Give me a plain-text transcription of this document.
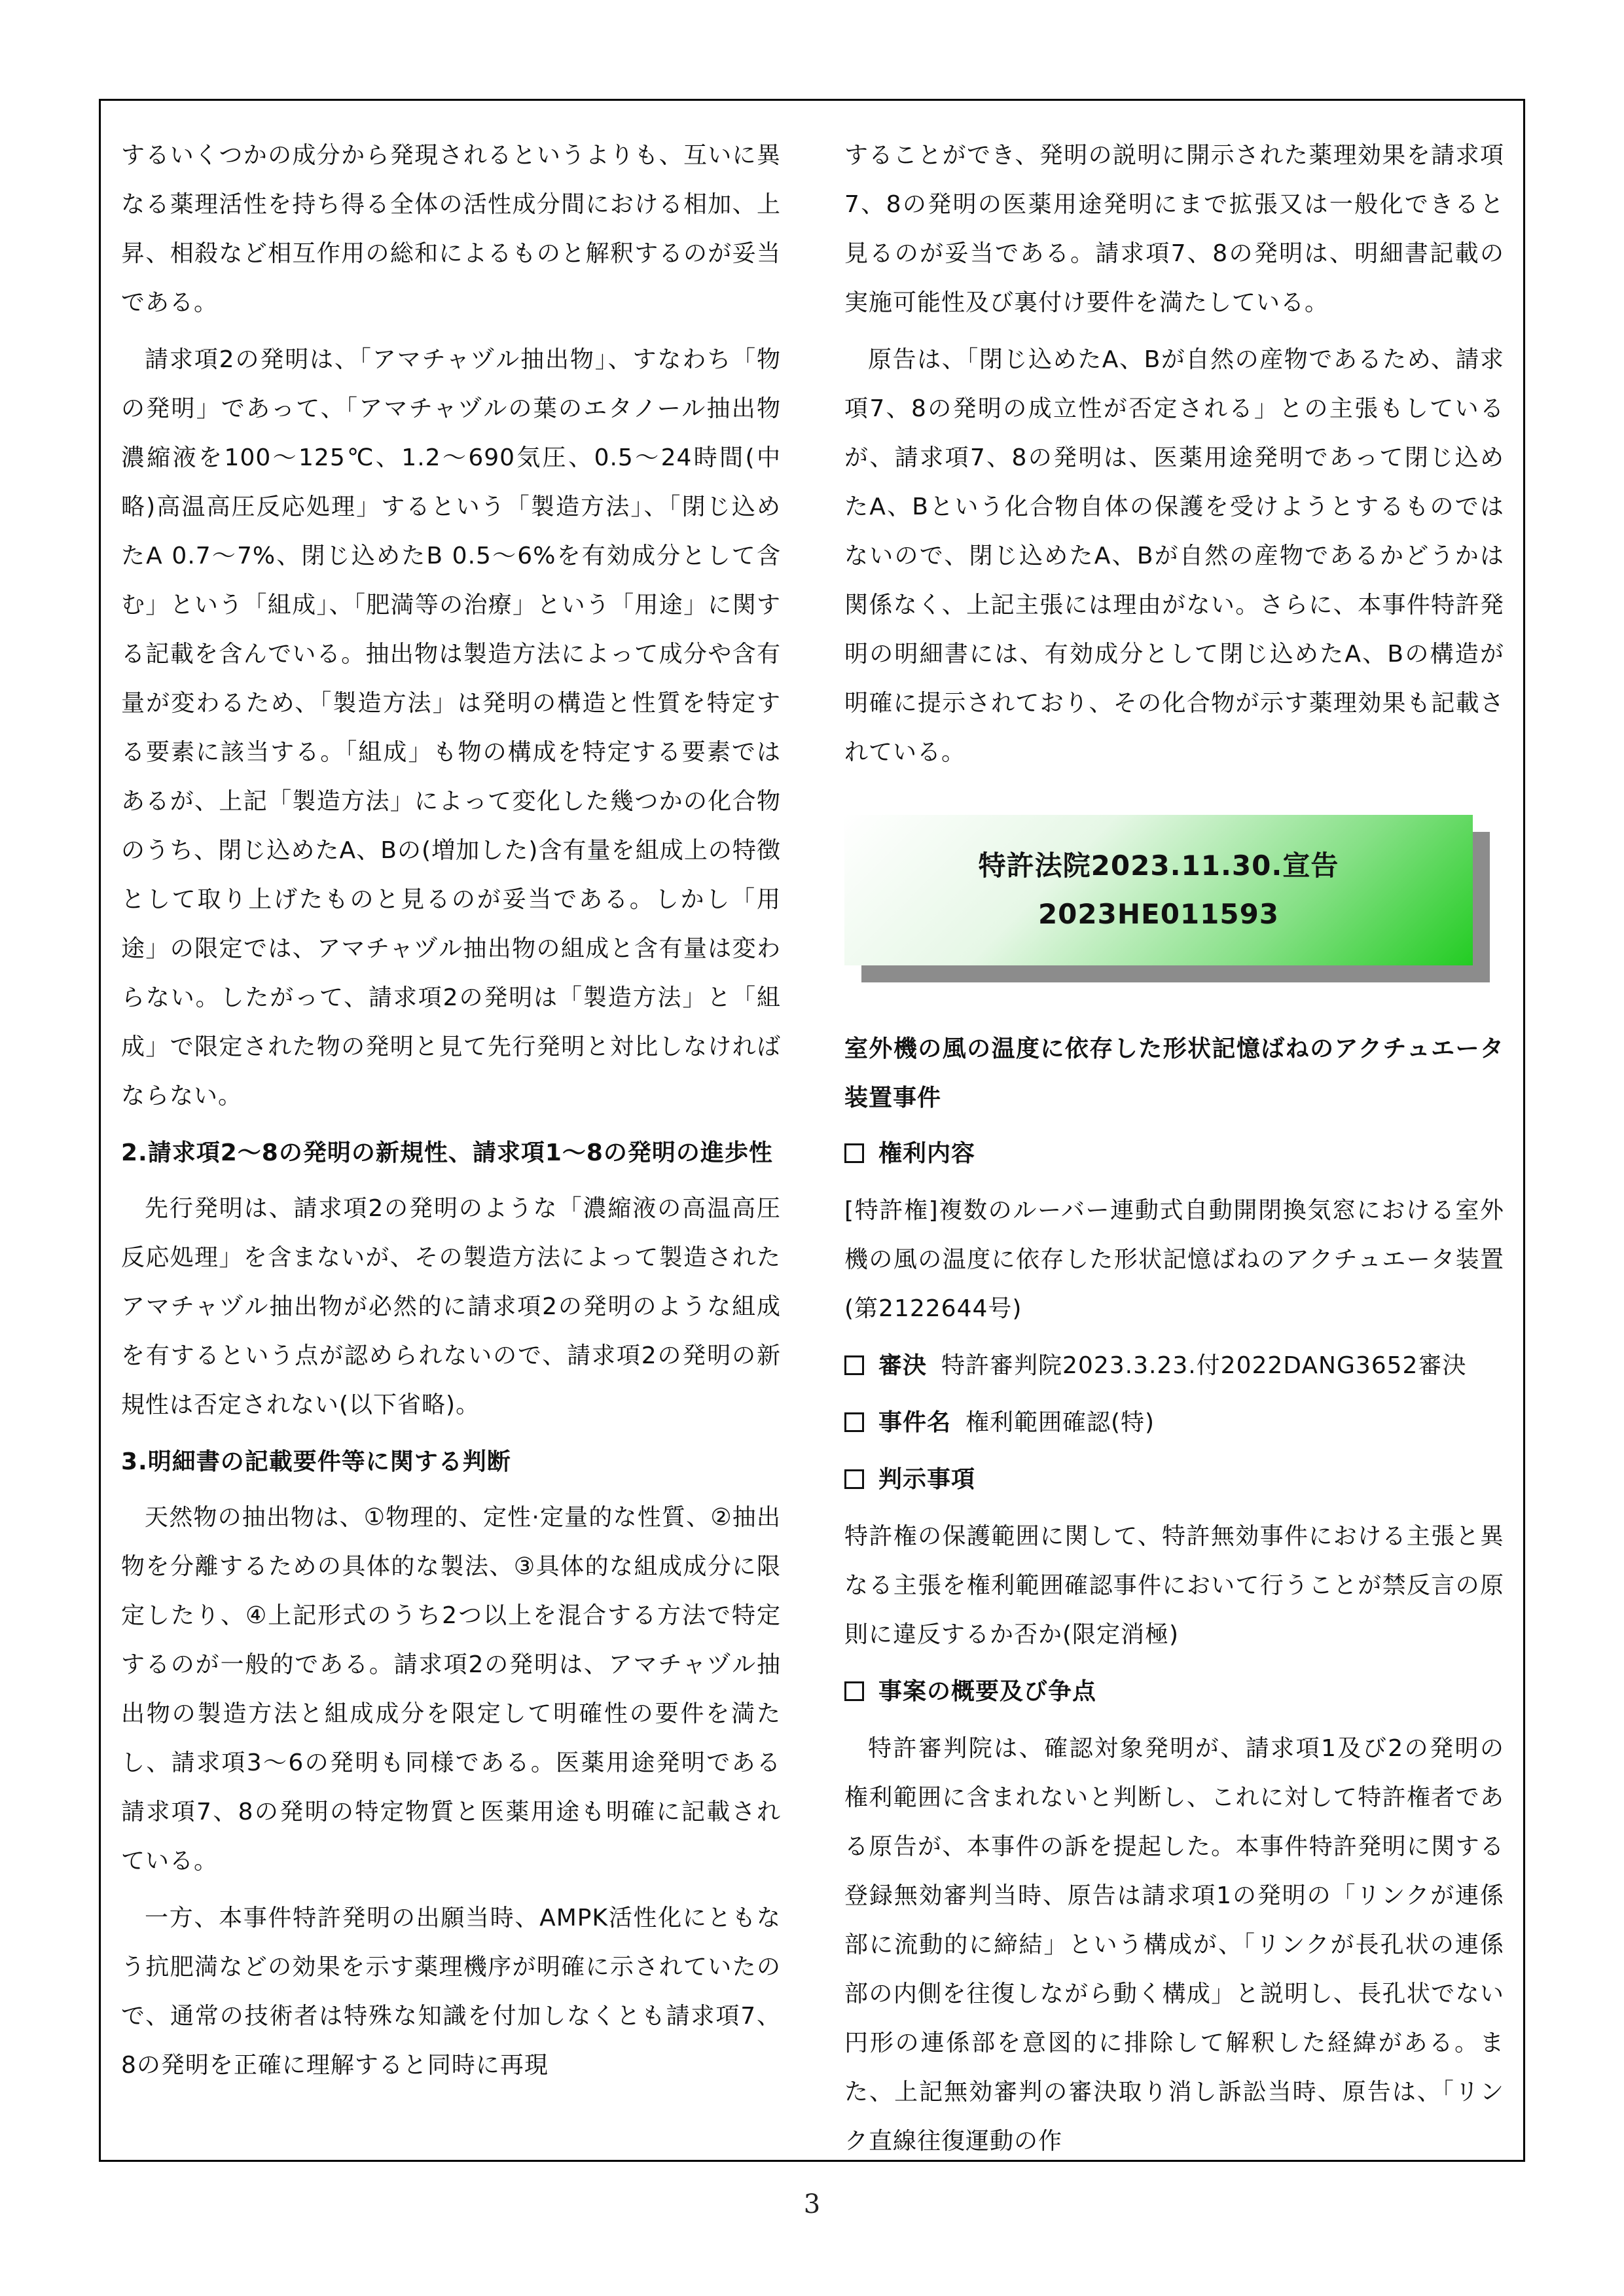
するいくつかの成分から発現されるというよりも、互いに異なる薬理活性を持ち得る全体の活性成分間における相加、上昇、相殺など相互作用の総和によるものと解釈するのが妥当である。

請求項2の発明は、「アマチャヅル抽出物」、すなわち「物の発明」であって、「アマチャヅルの葉のエタノール抽出物濃縮液を100～125℃、1.2～690気圧、0.5～24時間(中略)高温高圧反応処理」するという「製造方法」、「閉じ込めたA 0.7～7%、閉じ込めたB 0.5～6%を有効成分として含む」という「組成」、「肥満等の治療」という「用途」に関する記載を含んでいる。抽出物は製造方法によって成分や含有量が変わるため、「製造方法」は発明の構造と性質を特定する要素に該当する。「組成」も物の構成を特定する要素ではあるが、上記「製造方法」によって変化した幾つかの化合物のうち、閉じ込めたA、Bの(増加した)含有量を組成上の特徴として取り上げたものと見るのが妥当である。しかし「用途」の限定では、アマチャヅル抽出物の組成と含有量は変わらない。したがって、請求項2の発明は「製造方法」と「組成」で限定された物の発明と見て先行発明と対比しなければならない。

2.請求項2～8の発明の新規性、請求項1～8の発明の進歩性

先行発明は、請求項2の発明のような「濃縮液の高温高圧反応処理」を含まないが、その製造方法によって製造されたアマチャヅル抽出物が必然的に請求項2の発明のような組成を有するという点が認められないので、請求項2の発明の新規性は否定されない(以下省略)。

3.明細書の記載要件等に関する判断

天然物の抽出物は、①物理的、定性·定量的な性質、②抽出物を分離するための具体的な製法、③具体的な組成成分に限定したり、④上記形式のうち2つ以上を混合する方法で特定するのが一般的である。請求項2の発明は、アマチャヅル抽出物の製造方法と組成成分を限定して明確性の要件を満たし、請求項3～6の発明も同様である。医薬用途発明である請求項7、8の発明の特定物質と医薬用途も明確に記載されている。

一方、本事件特許発明の出願当時、AMPK活性化にともなう抗肥満などの効果を示す薬理機序が明確に示されていたので、通常の技術者は特殊な知識を付加しなくとも請求項7、8の発明を正確に理解すると同時に再現

することができ、発明の説明に開示された薬理効果を請求項7、8の発明の医薬用途発明にまで拡張又は一般化できると見るのが妥当である。請求項7、8の発明は、明細書記載の実施可能性及び裏付け要件を満たしている。

原告は、「閉じ込めたA、Bが自然の産物であるため、請求項7、8の発明の成立性が否定される」との主張もしているが、請求項7、8の発明は、医薬用途発明であって閉じ込めたA、Bという化合物自体の保護を受けようとするものではないので、閉じ込めたA、Bが自然の産物であるかどうかは関係なく、上記主張には理由がない。さらに、本事件特許発明の明細書には、有効成分として閉じ込めたA、Bの構造が明確に提示されており、その化合物が示す薬理効果も記載されている。

特許法院2023.11.30.宣告
2023HE011593

室外機の風の温度に依存した形状記憶ばねのアクチュエータ装置事件

権利内容

[特許権]複数のルーバー連動式自動開閉換気窓における室外機の風の温度に依存した形状記憶ばねのアクチュエータ装置(第2122644号)

審決 特許審判院2023.3.23.付2022DANG3652審決
事件名 権利範囲確認(特)
判示事項

特許権の保護範囲に関して、特許無効事件における主張と異なる主張を権利範囲確認事件において行うことが禁反言の原則に違反するか否か(限定消極)

事案の概要及び争点

特許審判院は、確認対象発明が、請求項1及び2の発明の権利範囲に含まれないと判断し、これに対して特許権者である原告が、本事件の訴を提起した。本事件特許発明に関する登録無効審判当時、原告は請求項1の発明の「リンクが連係部に流動的に締結」という構成が、「リンクが長孔状の連係部の内側を往復しながら動く構成」と説明し、長孔状でない円形の連係部を意図的に排除して解釈した経緯がある。また、上記無効審判の審決取り消し訴訟当時、原告は、「リンク直線往復運動の作

3
